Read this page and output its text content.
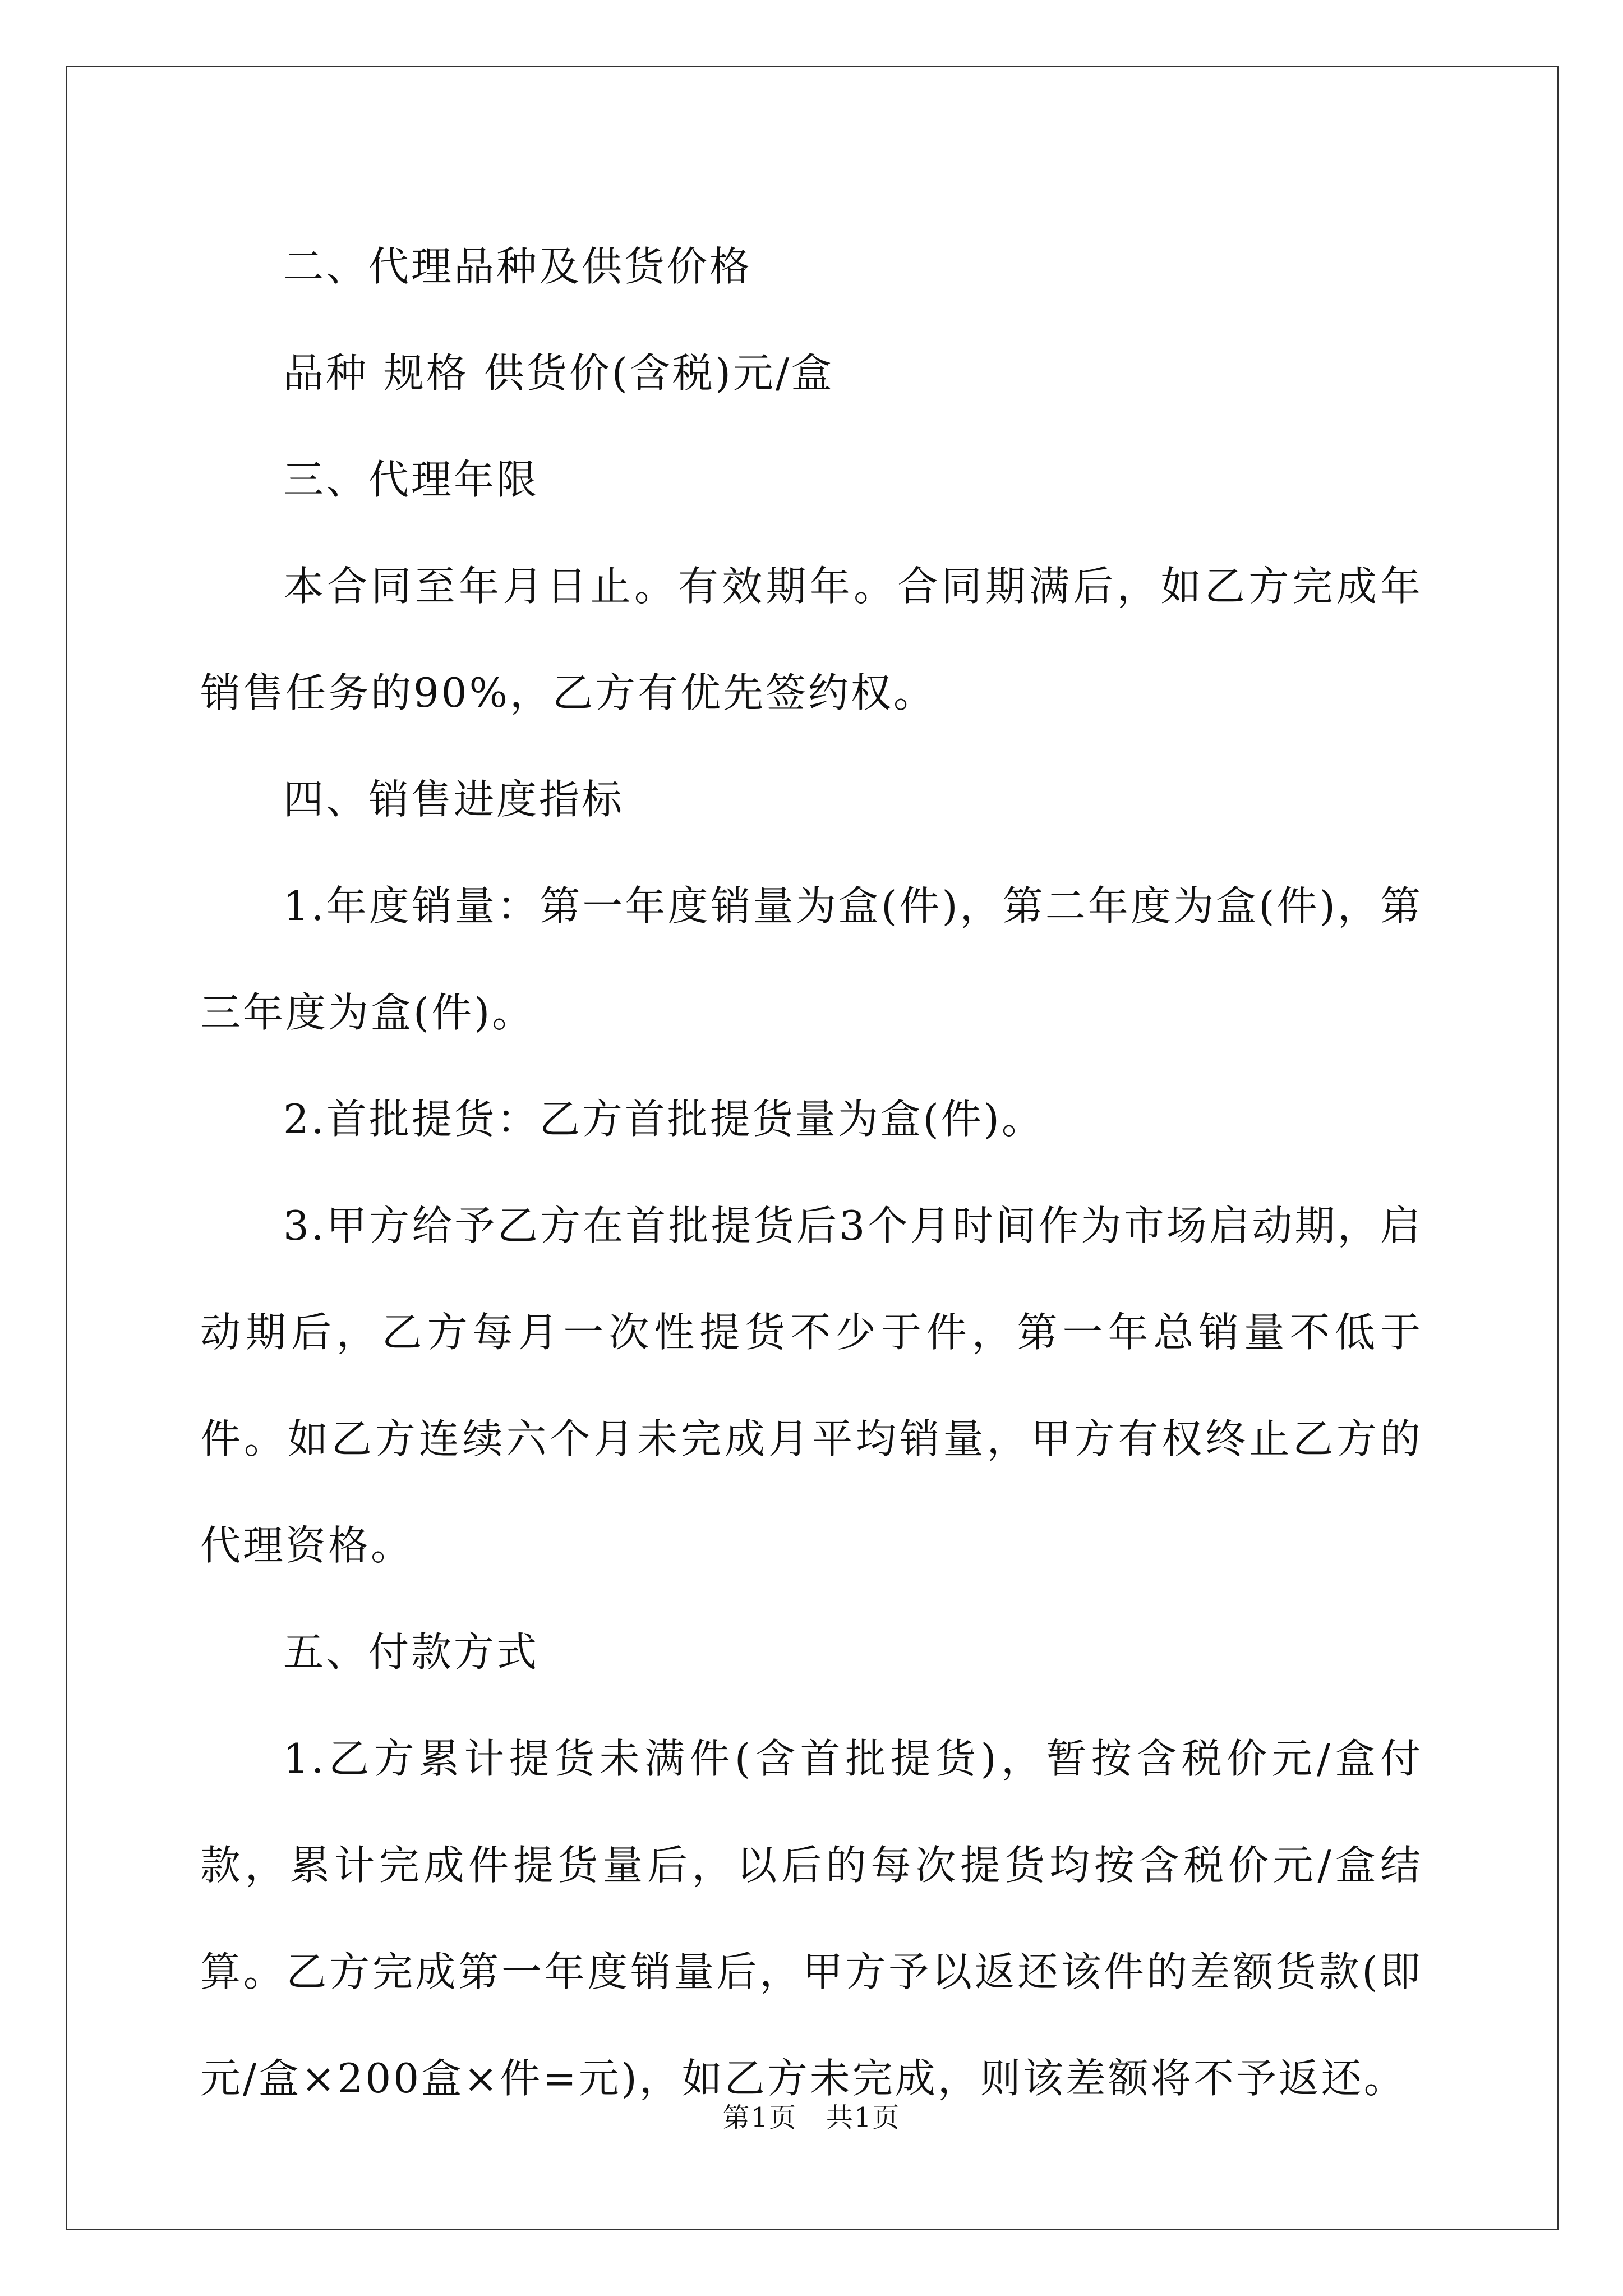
二、代理品种及供货价格

品种 规格 供货价(含税)元/盒

三、代理年限

本合同至年月日止。有效期年。合同期满后，如乙方完成年销售任务的90%，乙方有优先签约权。

四、销售进度指标

1.年度销量：第一年度销量为盒(件)，第二年度为盒(件)，第三年度为盒(件)。

2.首批提货：乙方首批提货量为盒(件)。

3.甲方给予乙方在首批提货后3个月时间作为市场启动期，启动期后，乙方每月一次性提货不少于件，第一年总销量不低于件。如乙方连续六个月未完成月平均销量，甲方有权终止乙方的代理资格。

五、付款方式

1.乙方累计提货未满件(含首批提货)，暂按含税价元/盒付款，累计完成件提货量后，以后的每次提货均按含税价元/盒结算。乙方完成第一年度销量后，甲方予以返还该件的差额货款(即元/盒×200盒×件=元)，如乙方未完成，则该差额将不予返还。

第1页 共1页
